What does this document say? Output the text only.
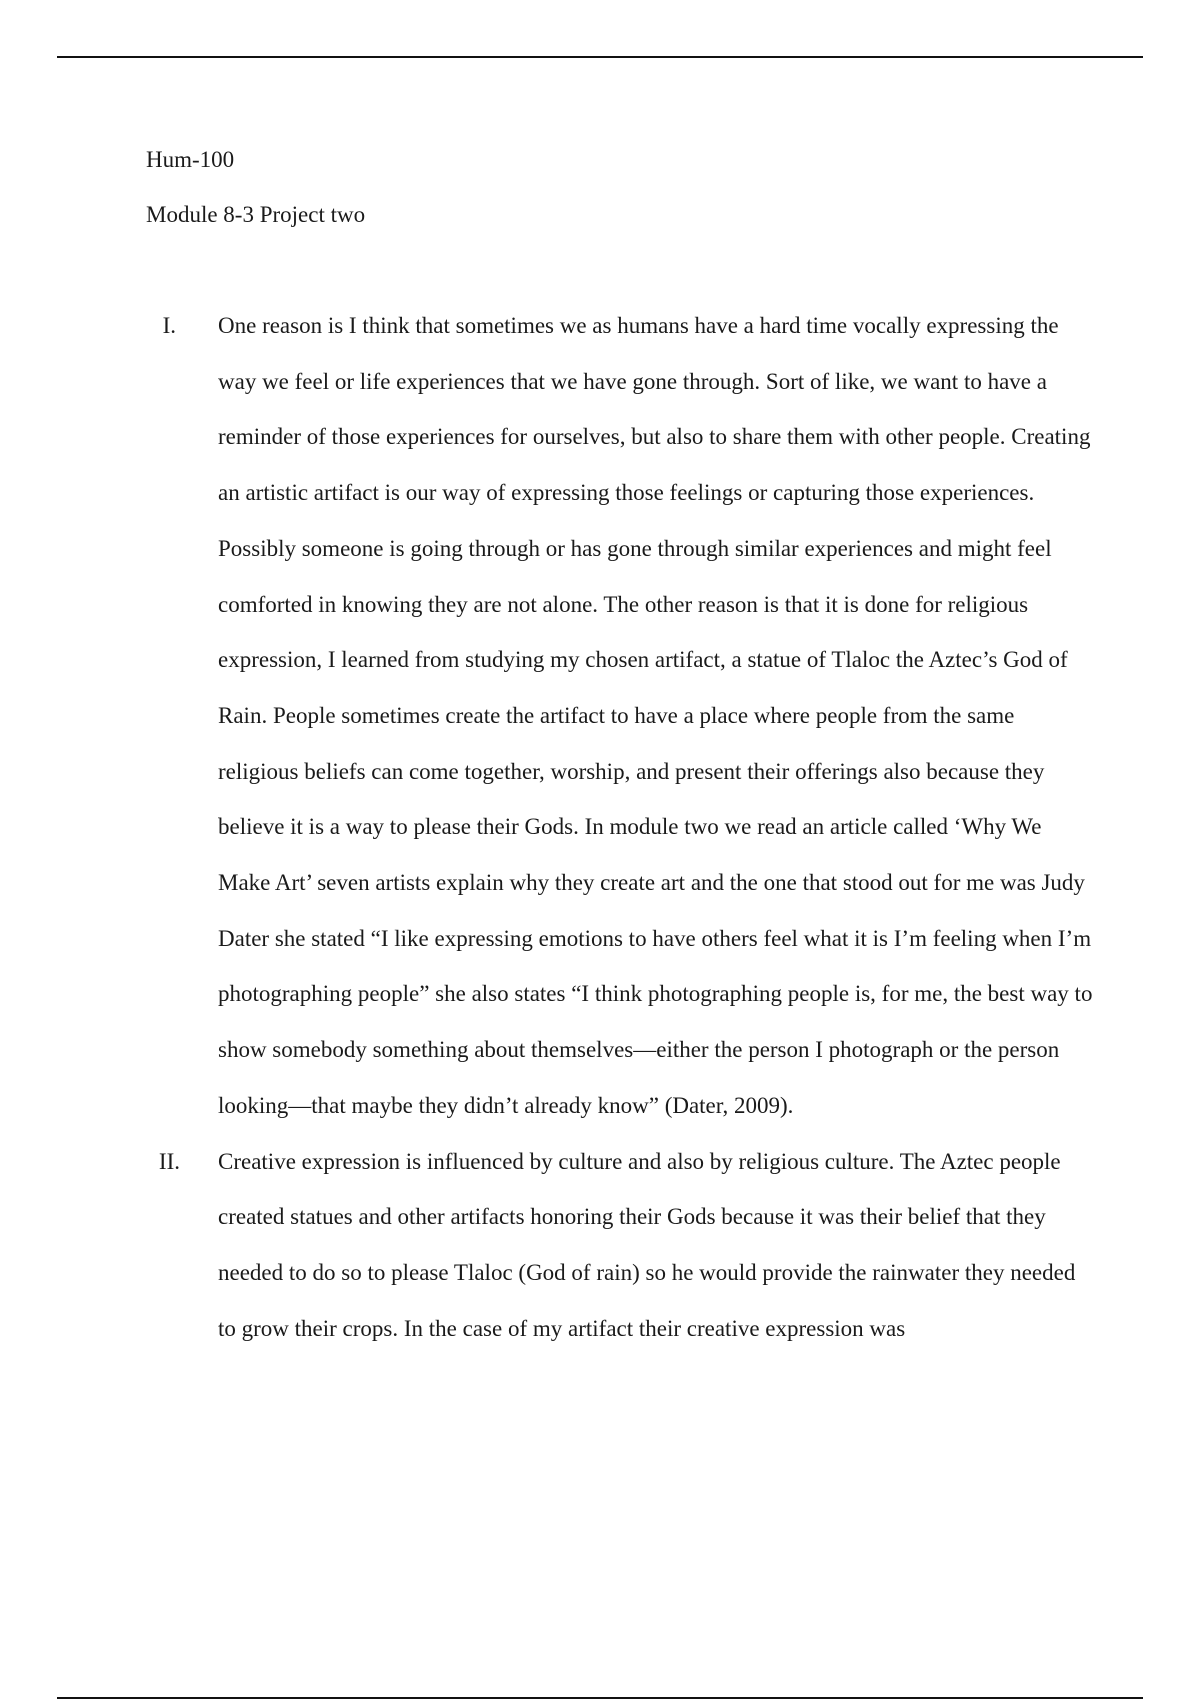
Hum-100
Module 8-3 Project two
I. One reason is I think that sometimes we as humans have a hard time vocally expressing the way we feel or life experiences that we have gone through. Sort of like, we want to have a reminder of those experiences for ourselves, but also to share them with other people. Creating an artistic artifact is our way of expressing those feelings or capturing those experiences. Possibly someone is going through or has gone through similar experiences and might feel comforted in knowing they are not alone. The other reason is that it is done for religious expression, I learned from studying my chosen artifact, a statue of Tlaloc the Aztec’s God of Rain. People sometimes create the artifact to have a place where people from the same religious beliefs can come together, worship, and present their offerings also because they believe it is a way to please their Gods. In module two we read an article called ‘Why We Make Art’ seven artists explain why they create art and the one that stood out for me was Judy Dater she stated “I like expressing emotions to have others feel what it is I’m feeling when I’m photographing people” she also states “I think photographing people is, for me, the best way to show somebody something about themselves—either the person I photograph or the person looking—that maybe they didn’t already know” (Dater, 2009).

II. Creative expression is influenced by culture and also by religious culture. The Aztec people created statues and other artifacts honoring their Gods because it was their belief that they needed to do so to please Tlaloc (God of rain) so he would provide the rainwater they needed to grow their crops. In the case of my artifact their creative expression was
